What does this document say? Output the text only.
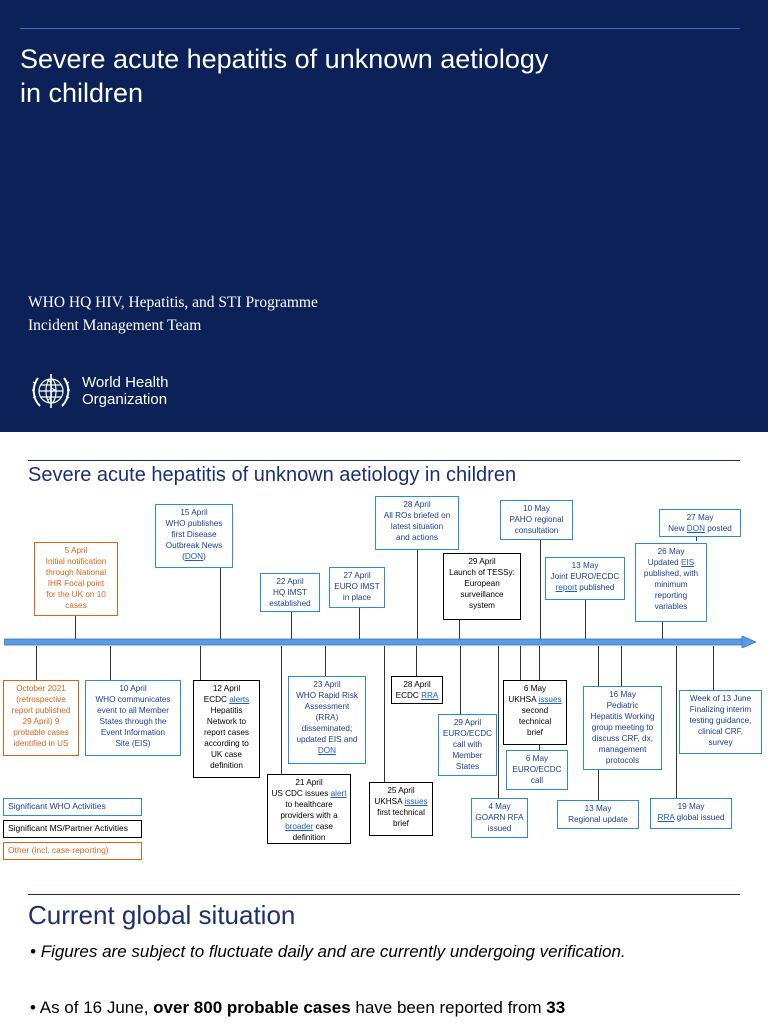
Severe acute hepatitis of unknown aetiology
in children
WHO HQ HIV, Hepatitis, and STI Programme
Incident Management Team
World Health
Organization
Severe acute hepatitis of unknown aetiology in children
15 April
WHO publishes
first Disease
Outbreak News
(DON)
5 April
Initial notification
through National
IHR Focal point
for the UK on 10
cases
22 April
HQ IMST
established
27 April
EURO IMST
in place
28 April
All ROs briefed on
latest situation
and actions
29 April
Launch of TESSy:
European
surveillance
system
10 May
PAHO regional
consultation
13 May
Joint EURO/ECDC
report published
26 May
Updated EIS
published, with
minimum
reporting
variables
27 May
New DON posted
October 2021
(retrospective
report published
29 April) 9
probable cases
identified in US
10 April
WHO communicates
event to all Member
States through the
Event Information
Site (EIS)
12 April
ECDC alerts
Hepatitis
Network to
report cases
according to
UK case
definition
21 April
US CDC issues alert
to healthcare
providers with a
broader case
definition
23 April
WHO Rapid Risk
Assessment
(RRA)
disseminated;
updated EIS and
DON
25 April
UKHSA issues
first technical
brief
28 April
ECDC RRA
29 April
EURO/ECDC
call with
Member
States
4 May
GOARN RFA
issued
6 May
UKHSA issues
second
technical
brief
6 May
EURO/ECDC
call
16 May
Pediatric
Hepatitis Working
group meeting to
discuss CRF, dx,
management
protocols
13 May
Regional update
19 May
RRA global issued
Week of 13 June
Finalizing interim
testing guidance,
clinical CRF,
survey
Significant WHO Activities
Significant MS/Partner Activities
Other (incl. case reporting)
Current global situation
• Figures are subject to fluctuate daily and are currently undergoing verification.
• As of 16 June, over 800 probable cases have been reported from 33
